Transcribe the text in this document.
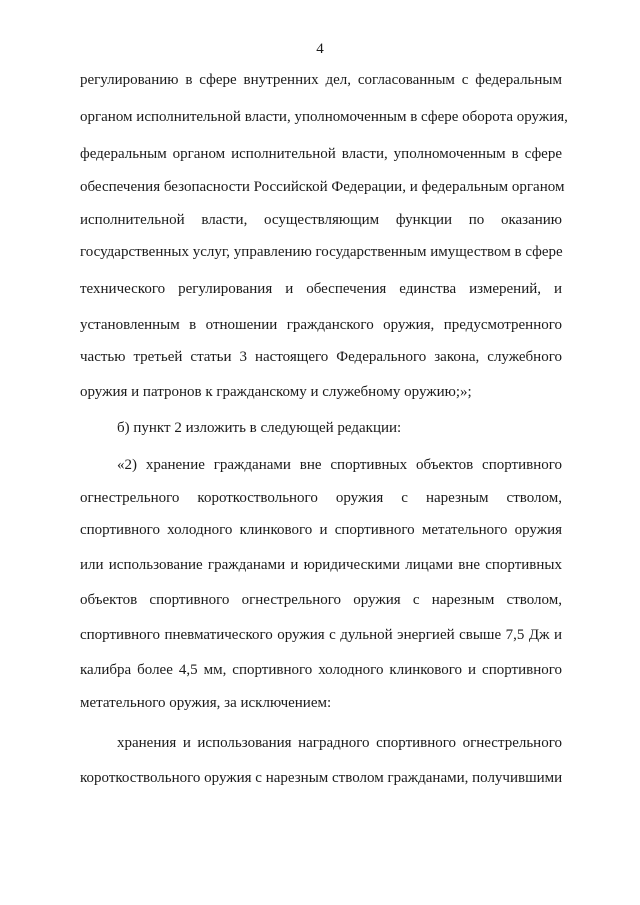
4
регулированию в сфере внутренних дел, согласованным с федеральным
органом исполнительной власти, уполномоченным в сфере оборота оружия,
федеральным органом исполнительной власти, уполномоченным в сфере
обеспечения безопасности Российской Федерации, и федеральным органом
исполнительной власти, осуществляющим функции по оказанию
государственных услуг, управлению государственным имуществом в сфере
технического регулирования и обеспечения единства измерений, и
установленным в отношении гражданского оружия, предусмотренного
частью третьей статьи 3 настоящего Федерального закона, служебного
оружия и патронов к гражданскому и служебному оружию;»;
б) пункт 2 изложить в следующей редакции:
«2) хранение гражданами вне спортивных объектов спортивного
огнестрельного короткоствольного оружия с нарезным стволом,
спортивного холодного клинкового и спортивного метательного оружия
или использование гражданами и юридическими лицами вне спортивных
объектов спортивного огнестрельного оружия с нарезным стволом,
спортивного пневматического оружия с дульной энергией свыше 7,5 Дж и
калибра более 4,5 мм, спортивного холодного клинкового и спортивного
метательного оружия, за исключением:
хранения и использования наградного спортивного огнестрельного
короткоствольного оружия с нарезным стволом гражданами, получившими
